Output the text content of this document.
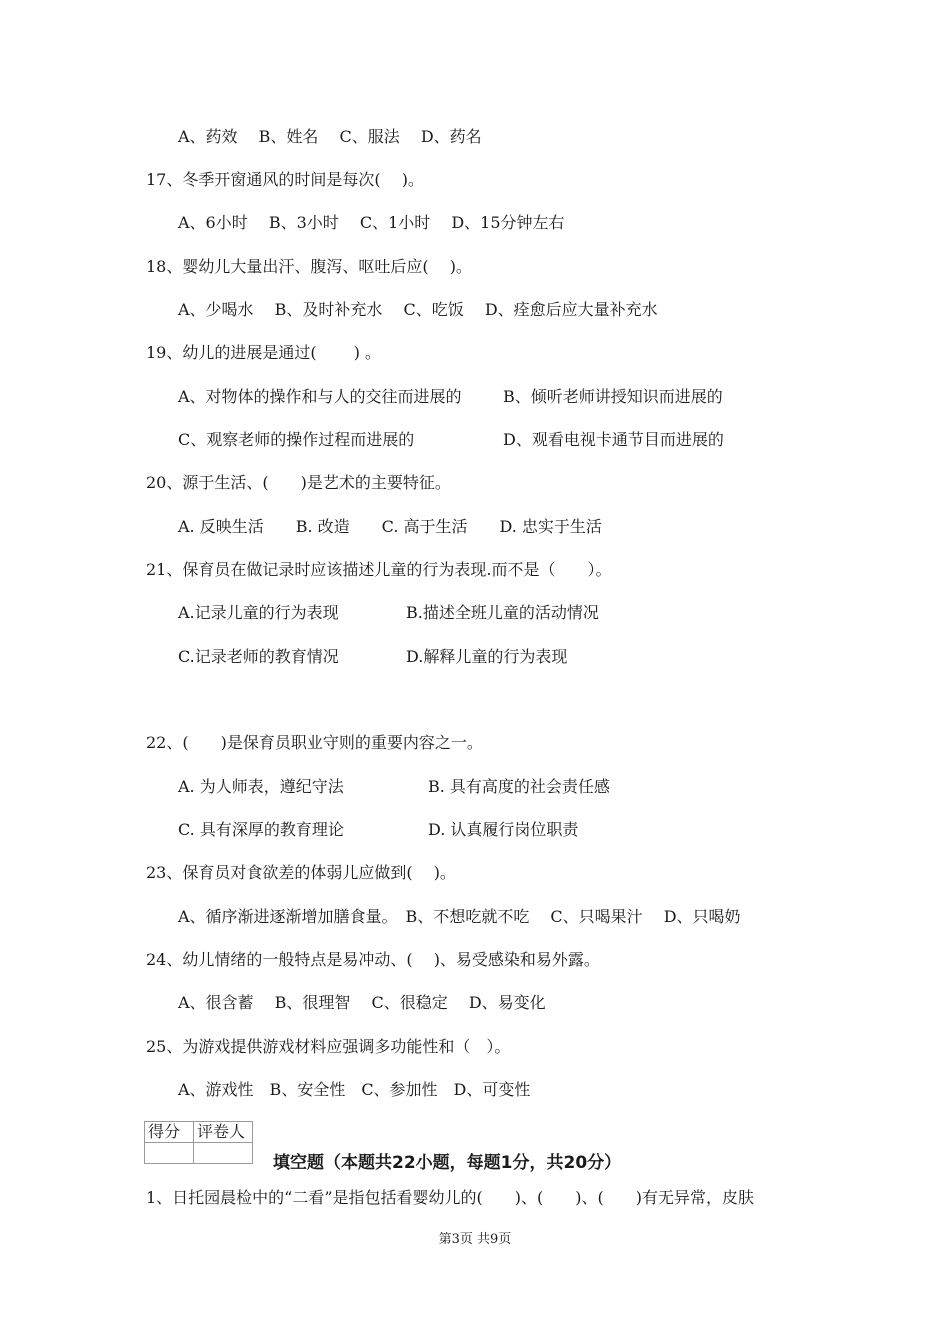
A、药效　 B、姓名　 C、服法　 D、药名
17、冬季开窗通风的时间是每次(　 )。
A、6小时　 B、3小时　 C、1小时　 D、15分钟左右
18、婴幼儿大量出汗、腹泻、呕吐后应(　 )。
A、少喝水　 B、及时补充水　 C、吃饭　 D、痊愈后应大量补充水
19、幼儿的进展是通过(　　 ) 。
A、对物体的操作和与人的交往而进展的	B、倾听老师讲授知识而进展的
C、观察老师的操作过程而进展的	D、观看电视卡通节目而进展的
20、源于生活、(　　)是艺术的主要特征。
A. 反映生活　　B. 改造　　C. 高于生活　　D. 忠实于生活
21、保育员在做记录时应该描述儿童的行为表现.而不是（　　）。
A.记录儿童的行为表现	B.描述全班儿童的活动情况
C.记录老师的教育情况	D.解释儿童的行为表现
22、(　　)是保育员职业守则的重要内容之一。
A. 为人师表，遵纪守法	B. 具有高度的社会责任感
C. 具有深厚的教育理论	D. 认真履行岗位职责
23、保育员对食欲差的体弱儿应做到(　 )。
A、循序渐进逐渐增加膳食量。　B、不想吃就不吃　 C、只喝果汁　 D、只喝奶
24、幼儿情绪的一般特点是易冲动、(　 )、易受感染和易外露。
A、很含蓄　 B、很理智　 C、很稳定　 D、易变化
25、为游戏提供游戏材料应强调多功能性和（　）。
A、游戏性　B、安全性　C、参加性　D、可变性
得分	评卷人

填空题（本题共22小题，每题1分，共20分）
1、日托园晨检中的“二看”是指包括看婴幼儿的(　　)、(　　)、(　　)有无异常，皮肤
第3页 共9页
